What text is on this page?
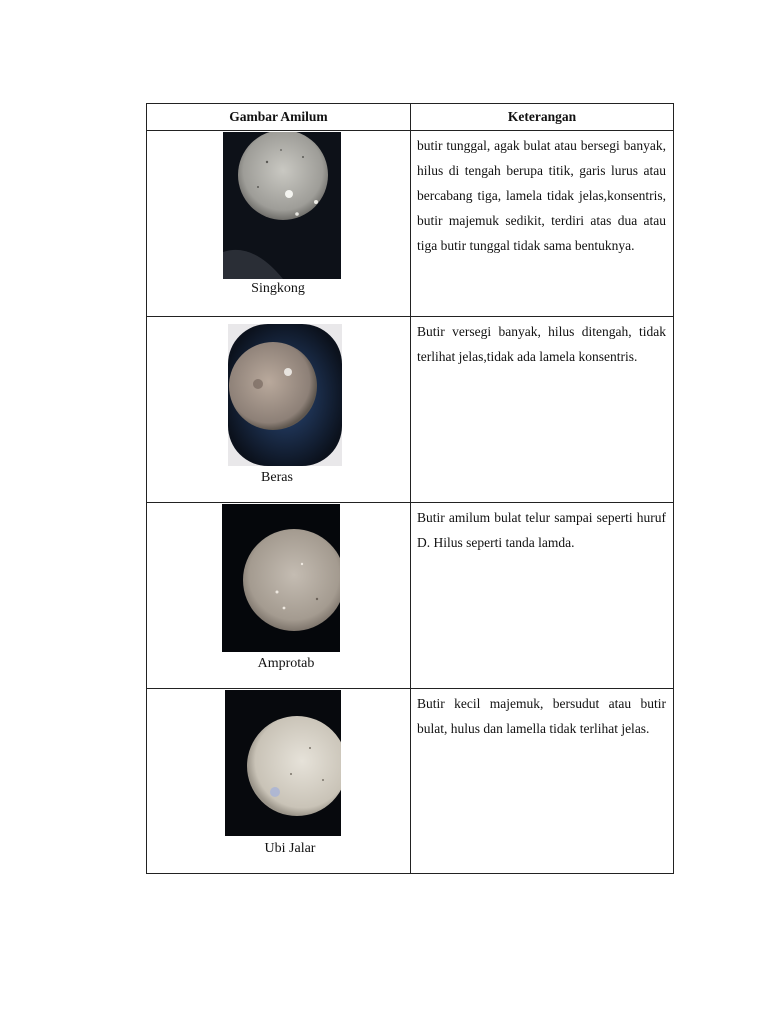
Gambar Amilum	Keterangan

Singkong	butir tunggal, agak bulat atau bersegi banyak, hilus di tengah berupa titik, garis lurus atau bercabang tiga, lamela tidak jelas,konsentris, butir majemuk sedikit, terdiri atas dua atau tiga butir tunggal tidak sama bentuknya.

Beras	Butir versegi banyak, hilus ditengah, tidak terlihat jelas,tidak ada lamela konsentris.

Amprotab	Butir amilum bulat telur sampai seperti huruf D. Hilus seperti tanda lamda.

Ubi Jalar	Butir kecil majemuk, bersudut atau butir bulat, hulus dan lamella tidak terlihat jelas.
